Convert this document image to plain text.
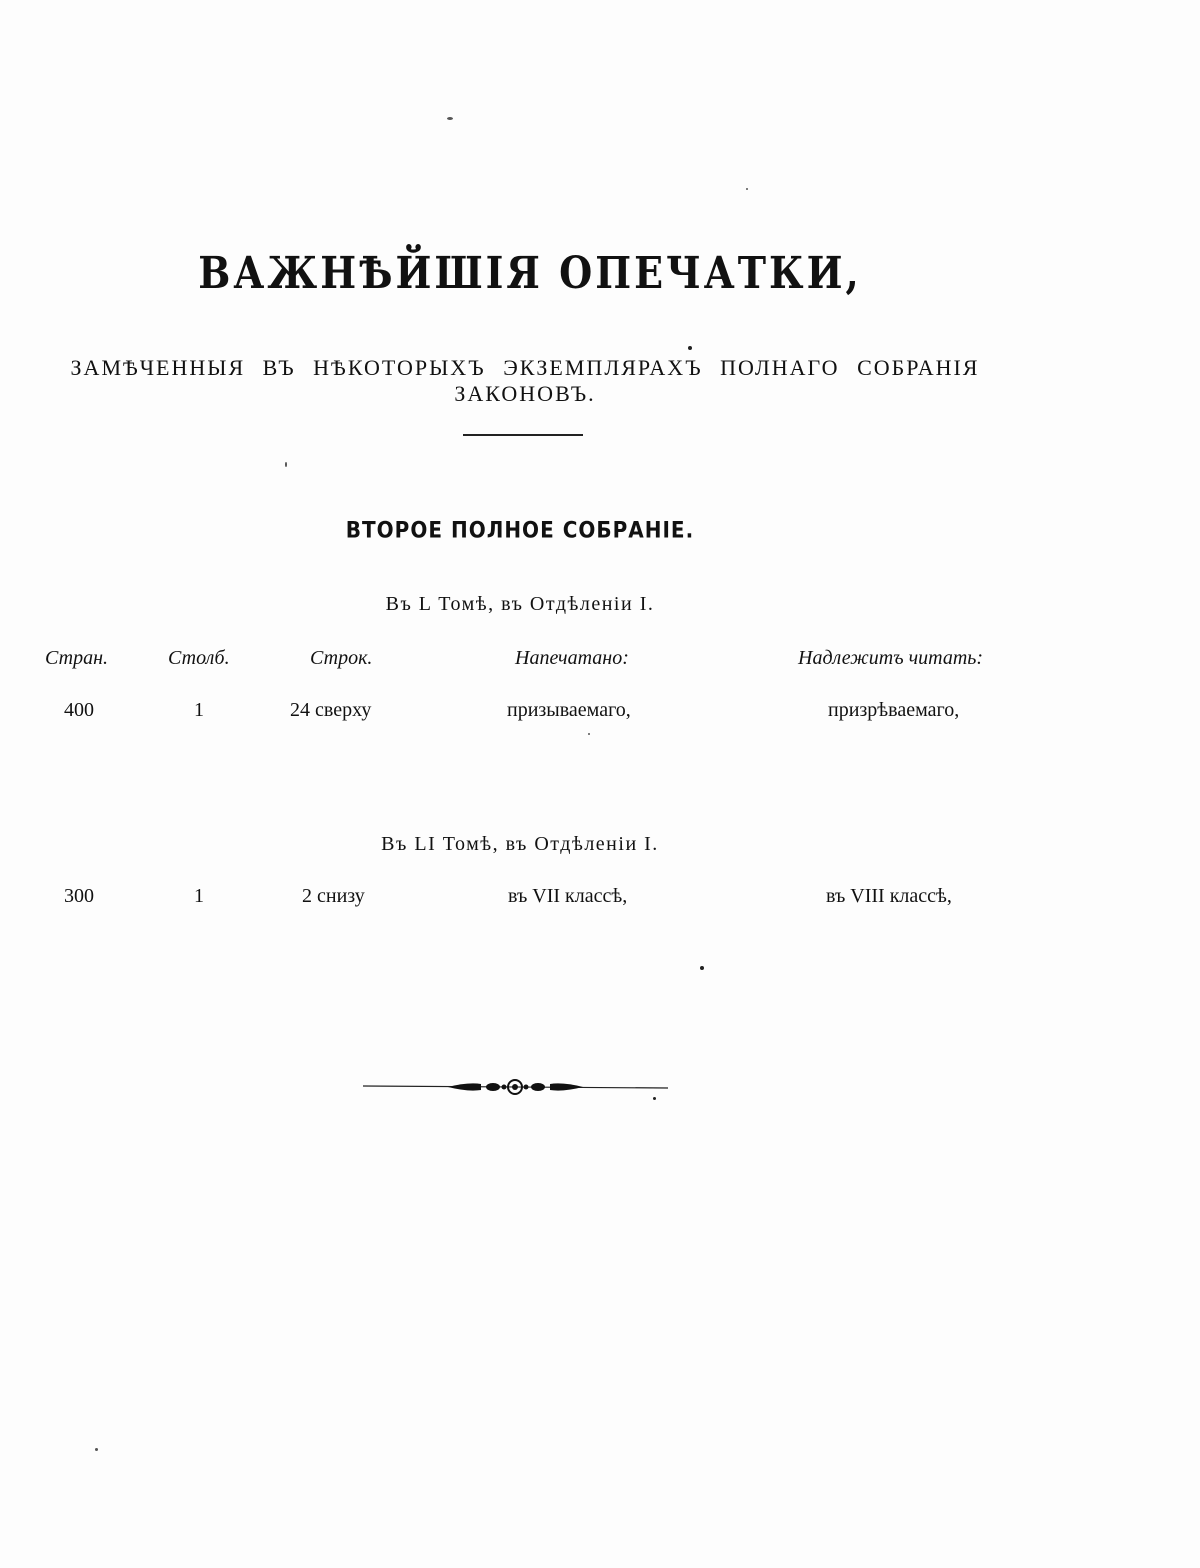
ВАЖНѢЙШІЯ ОПЕЧАТКИ,
ЗАМѢЧЕННЫЯ ВЪ НѢКОТОРЫХЪ ЭКЗЕМПЛЯРАХЪ ПОЛНАГО СОБРАНІЯ ЗАКОНОВЪ.
ВТОРОЕ ПОЛНОЕ СОБРАНІЕ.
Въ L Томѣ, въ Отдѣленіи I.
Стран.	Столб.	Строк.	Напечатано:	Надлежитъ читать:
400	1	24 сверху	призываемаго,	призрѣваемаго,
Въ LI Томѣ, въ Отдѣленіи I.
300	1	2 снизу	въ VII классѣ,	въ VIII классѣ,
